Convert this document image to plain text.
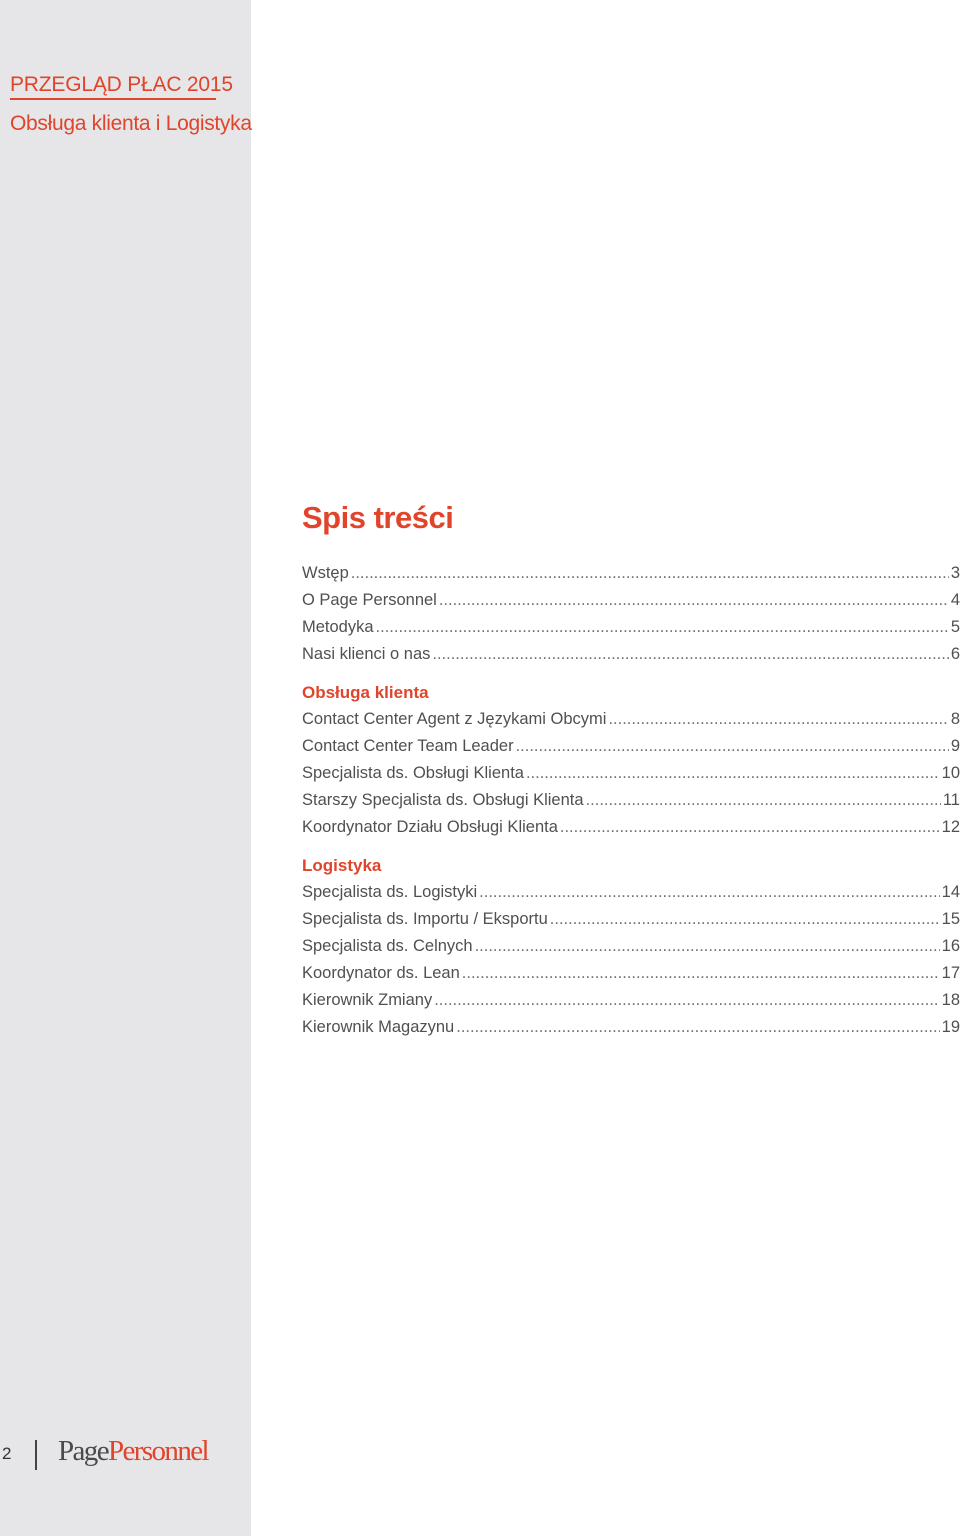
PRZEGLĄD PŁAC 2015
Obsługa klienta i Logistyka
2 PagePersonnel
Spis treści
Wstęp .....	3
O Page Personnel .....	4
Metodyka .....	5
Nasi klienci o nas .....	6
Obsługa klienta
Contact Center Agent z Językami Obcymi .....	8
Contact Center Team Leader .....	9
Specjalista ds. Obsługi Klienta .....	10
Starszy Specjalista ds. Obsługi Klienta .....	11
Koordynator Działu Obsługi Klienta .....	12
Logistyka
Specjalista ds. Logistyki .....	14
Specjalista ds. Importu / Eksportu .....	15
Specjalista ds. Celnych .....	16
Koordynator ds. Lean .....	17
Kierownik Zmiany .....	18
Kierownik Magazynu .....	19
